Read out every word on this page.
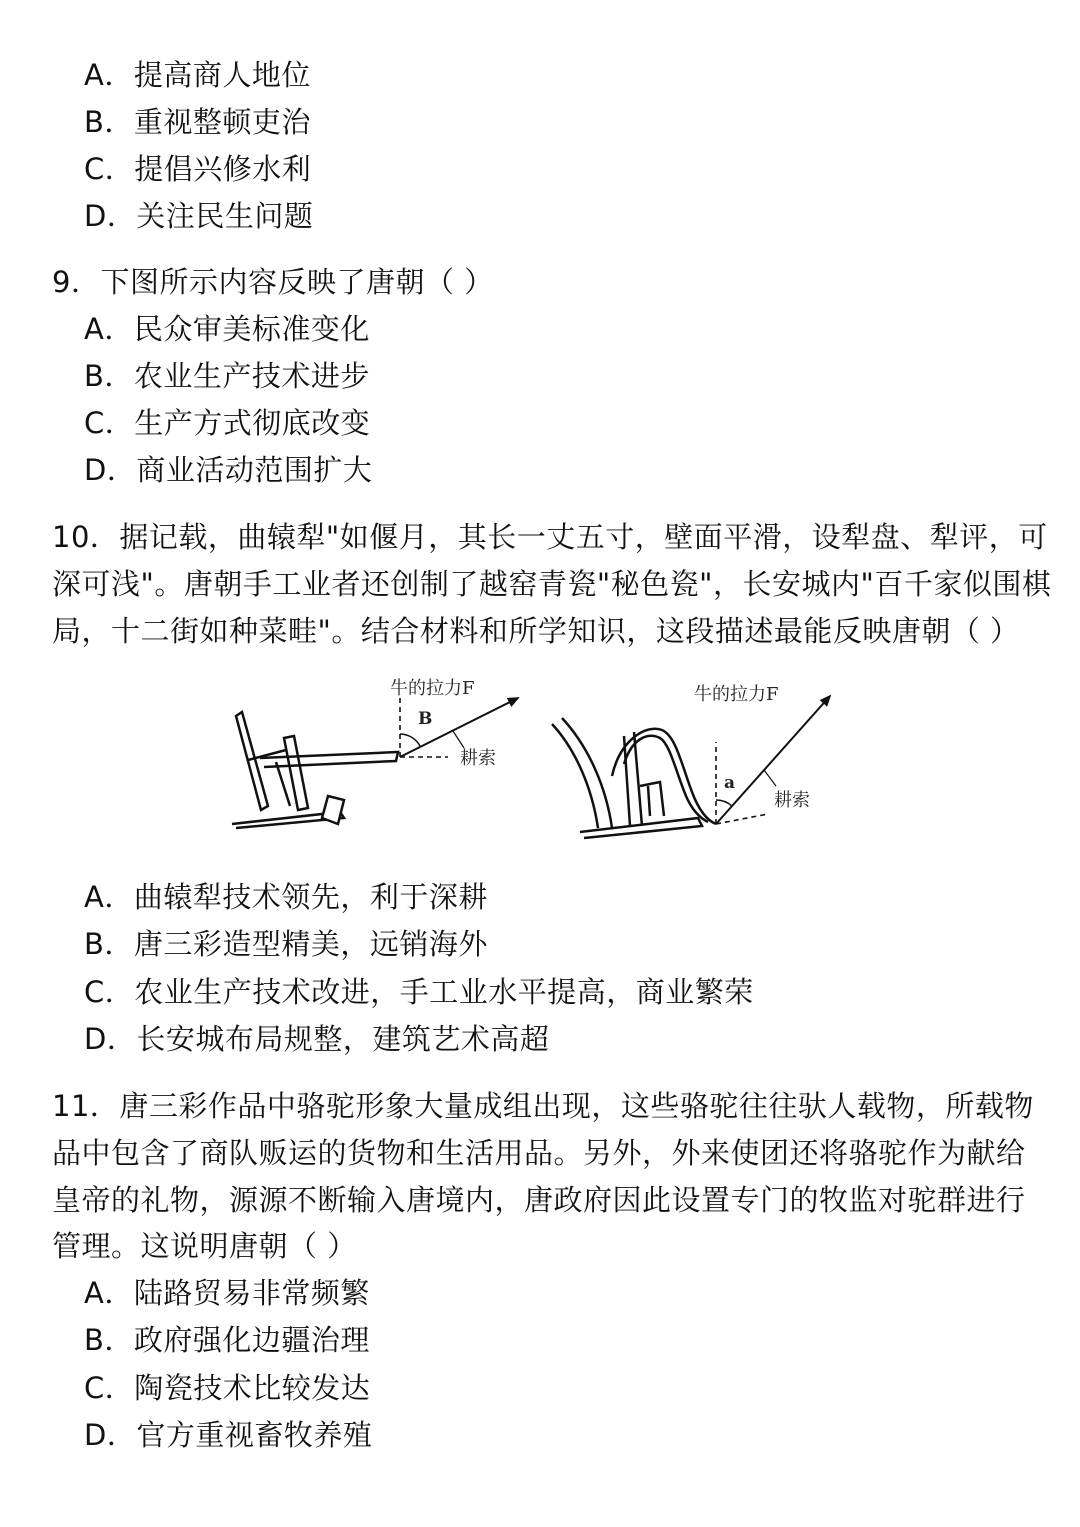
A．提高商人地位
B．重视整顿吏治
C．提倡兴修水利
D．关注民生问题
9．下图所示内容反映了唐朝（ ）
A．民众审美标准变化
B．农业生产技术进步
C．生产方式彻底改变
D．商业活动范围扩大
10．据记载，曲辕犁"如偃月，其长一丈五寸，壁面平滑，设犁盘、犁评，可
深可浅"。唐朝手工业者还创制了越窑青瓷"秘色瓷"，长安城内"百千家似围棋
局，十二街如种菜畦"。结合材料和所学知识，这段描述最能反映唐朝（ ）
牛的拉力F
B
耕索
牛的拉力F
a
耕索
A．曲辕犁技术领先，利于深耕
B．唐三彩造型精美，远销海外
C．农业生产技术改进，手工业水平提高，商业繁荣
D．长安城布局规整，建筑艺术高超
11．唐三彩作品中骆驼形象大量成组出现，这些骆驼往往驮人载物，所载物
品中包含了商队贩运的货物和生活用品。另外，外来使团还将骆驼作为献给
皇帝的礼物，源源不断输入唐境内，唐政府因此设置专门的牧监对驼群进行
管理。这说明唐朝（ ）
A．陆路贸易非常频繁
B．政府强化边疆治理
C．陶瓷技术比较发达
D．官方重视畜牧养殖
